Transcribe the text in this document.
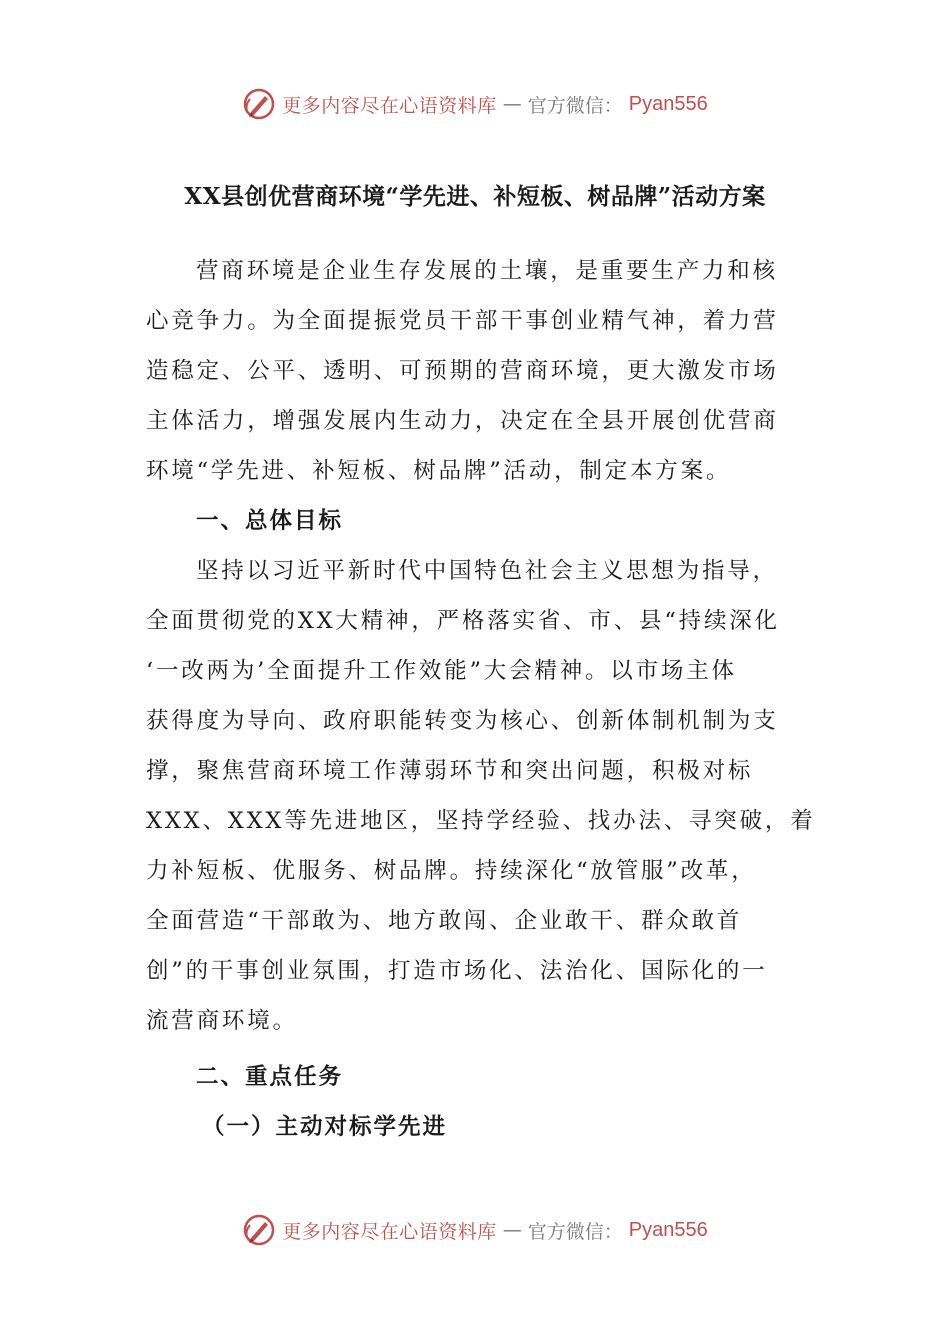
更多内容尽在心语资料库 — 官方微信： Pyan556
XX县创优营商环境“学先进、补短板、树品牌”活动方案
营商环境是企业生存发展的土壤，是重要生产力和核
心竞争力。为全面提振党员干部干事创业精气神，着力营
造稳定、公平、透明、可预期的营商环境，更大激发市场
主体活力，增强发展内生动力，决定在全县开展创优营商
环境“学先进、补短板、树品牌”活动，制定本方案。
一、总体目标
坚持以习近平新时代中国特色社会主义思想为指导，
全面贯彻党的XX大精神，严格落实省、市、县“持续深化
‘一改两为’全面提升工作效能”大会精神。以市场主体
获得度为导向、政府职能转变为核心、创新体制机制为支
撑，聚焦营商环境工作薄弱环节和突出问题，积极对标
XXX、XXX等先进地区，坚持学经验、找办法、寻突破，着
力补短板、优服务、树品牌。持续深化“放管服”改革，
全面营造“干部敢为、地方敢闯、企业敢干、群众敢首
创”的干事创业氛围，打造市场化、法治化、国际化的一
流营商环境。
二、重点任务
（一）主动对标学先进
更多内容尽在心语资料库 — 官方微信： Pyan556
